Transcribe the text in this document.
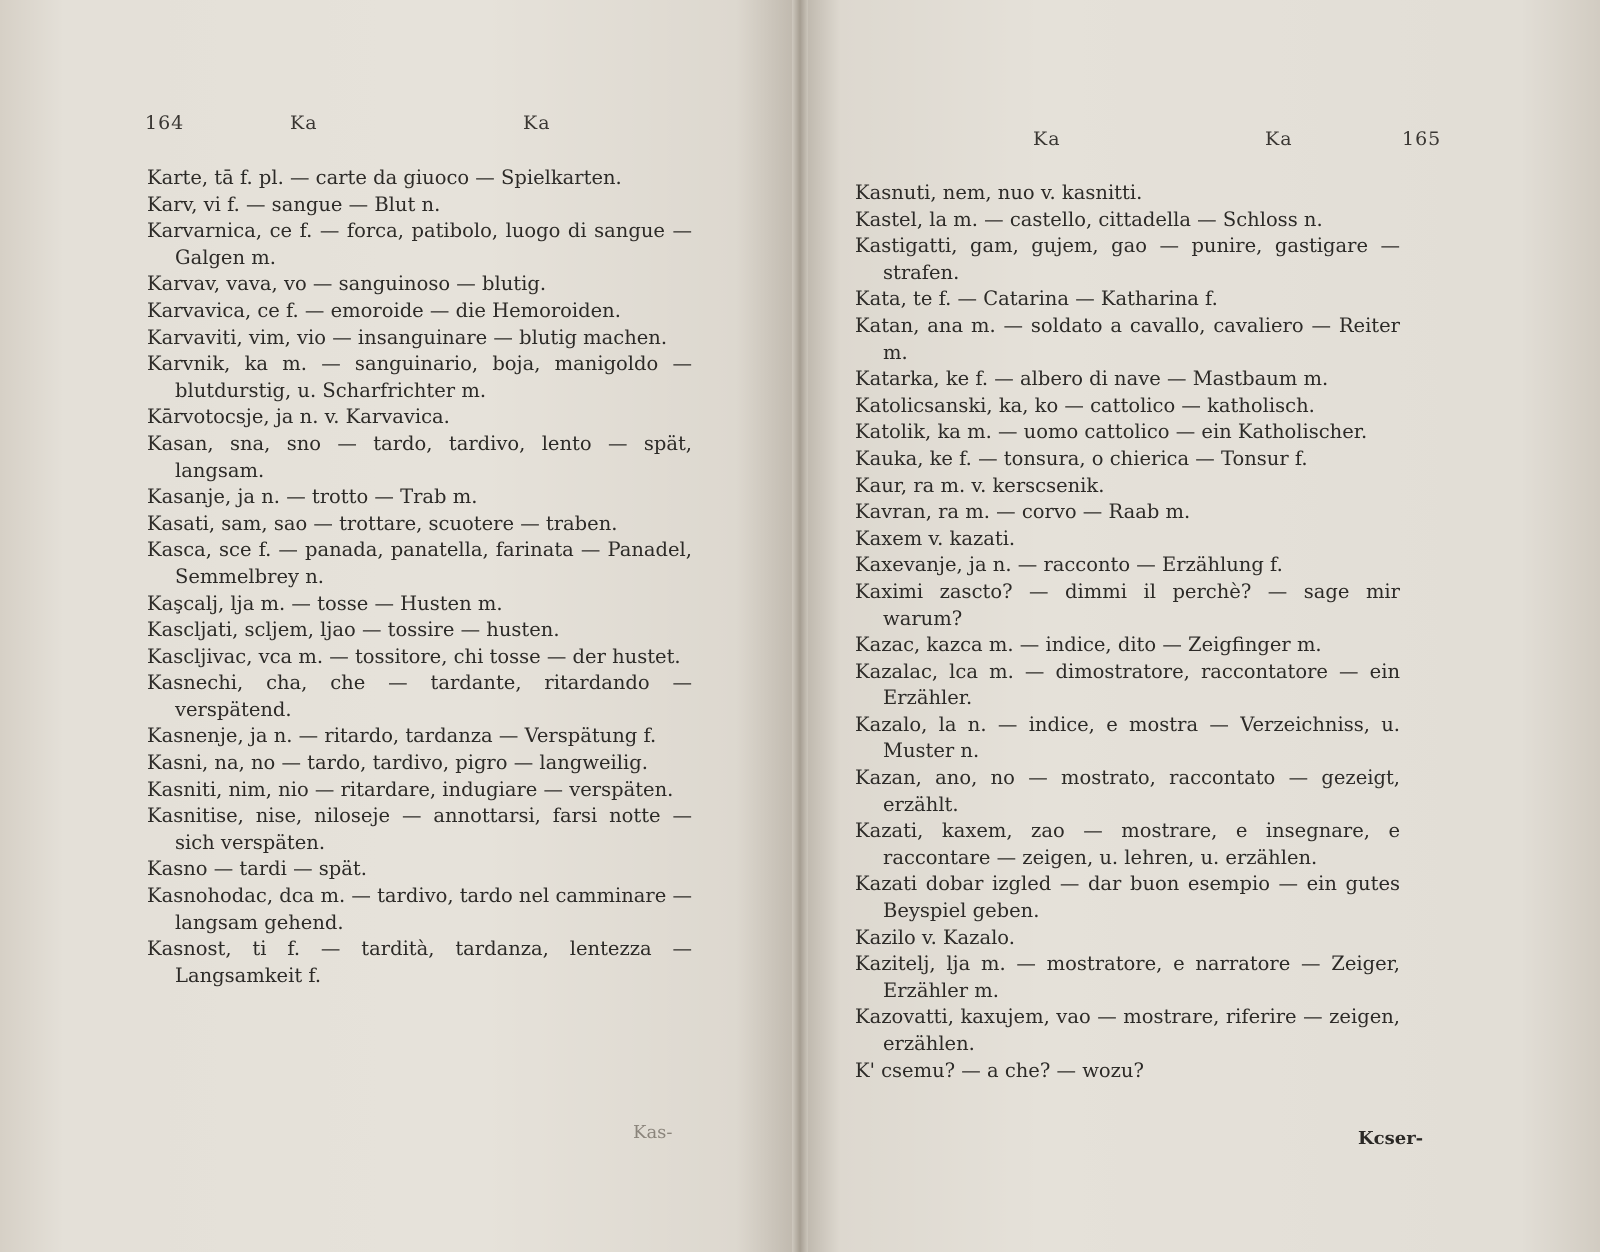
164	Ka	Ka

Karte, tā f. pl. — carte da giuoco — Spielkarten.

Karv, vi f. — sangue — Blut n.

Karvarnica, ce f. — forca, patibolo, luogo di sangue — Galgen m.

Karvav, vava, vo — sanguinoso — blutig.

Karvavica, ce f. — emoroide — die Hemoroiden.

Karvaviti, vim, vio — insanguinare — blutig machen.

Karvnik, ka m. — sanguinario, boja, manigoldo — blutdurstig, u. Scharfrichter m.

Kārvotocsje, ja n. v. Karvavica.

Kasan, sna, sno — tardo, tardivo, lento — spät, langsam.

Kasanje, ja n. — trotto — Trab m.

Kasati, sam, sao — trottare, scuotere — traben.

Kasca, sce f. — panada, panatella, farinata — Panadel, Semmelbrey n.

Kaşcalj, lja m. — tosse — Husten m.

Kascljati, scljem, ljao — tossire — husten.

Kascljivac, vca m. — tossitore, chi tosse — der hustet.

Kasnechi, cha, che — tardante, ritardando — verspätend.

Kasnenje, ja n. — ritardo, tardanza — Verspätung f.

Kasni, na, no — tardo, tardivo, pigro — langweilig.

Kasniti, nim, nio — ritardare, indugiare — verspäten.

Kasnitise, nise, niloseje — annottarsi, farsi notte — sich verspäten.

Kasno — tardi — spät.

Kasnohodac, dca m. — tardivo, tardo nel camminare — langsam gehend.

Kasnost, ti f. — tardità, tardanza, lentezza — Langsamkeit f.

Kas-
Ka	Ka	165

Kasnuti, nem, nuo v. kasnitti.

Kastel, la m. — castello, cittadella — Schloss n.

Kastigatti, gam, gujem, gao — punire, gastigare — strafen.

Kata, te f. — Catarina — Katharina f.

Katan, ana m. — soldato a cavallo, cavaliero — Reiter m.

Katarka, ke f. — albero di nave — Mastbaum m.

Katolicsanski, ka, ko — cattolico — katholisch.

Katolik, ka m. — uomo cattolico — ein Katholischer.

Kauka, ke f. — tonsura, o chierica — Tonsur f.

Kaur, ra m. v. kerscsenik.

Kavran, ra m. — corvo — Raab m.

Kaxem v. kazati.

Kaxevanje, ja n. — racconto — Erzählung f.

Kaximi zascto? — dimmi il perchè? — sage mir warum?

Kazac, kazca m. — indice, dito — Zeigfinger m.

Kazalac, lca m. — dimostratore, raccontatore — ein Erzähler.

Kazalo, la n. — indice, e mostra — Verzeichniss, u. Muster n.

Kazan, ano, no — mostrato, raccontato — gezeigt, erzählt.

Kazati, kaxem, zao — mostrare, e insegnare, e raccontare — zeigen, u. lehren, u. erzählen.

Kazati dobar izgled — dar buon esempio — ein gutes Beyspiel geben.

Kazilo v. Kazalo.

Kazitelj, lja m. — mostratore, e narratore — Zeiger, Erzähler m.

Kazovatti, kaxujem, vao — mostrare, riferire — zeigen, erzählen.

K' csemu? — a che? — wozu?

Kcser-
